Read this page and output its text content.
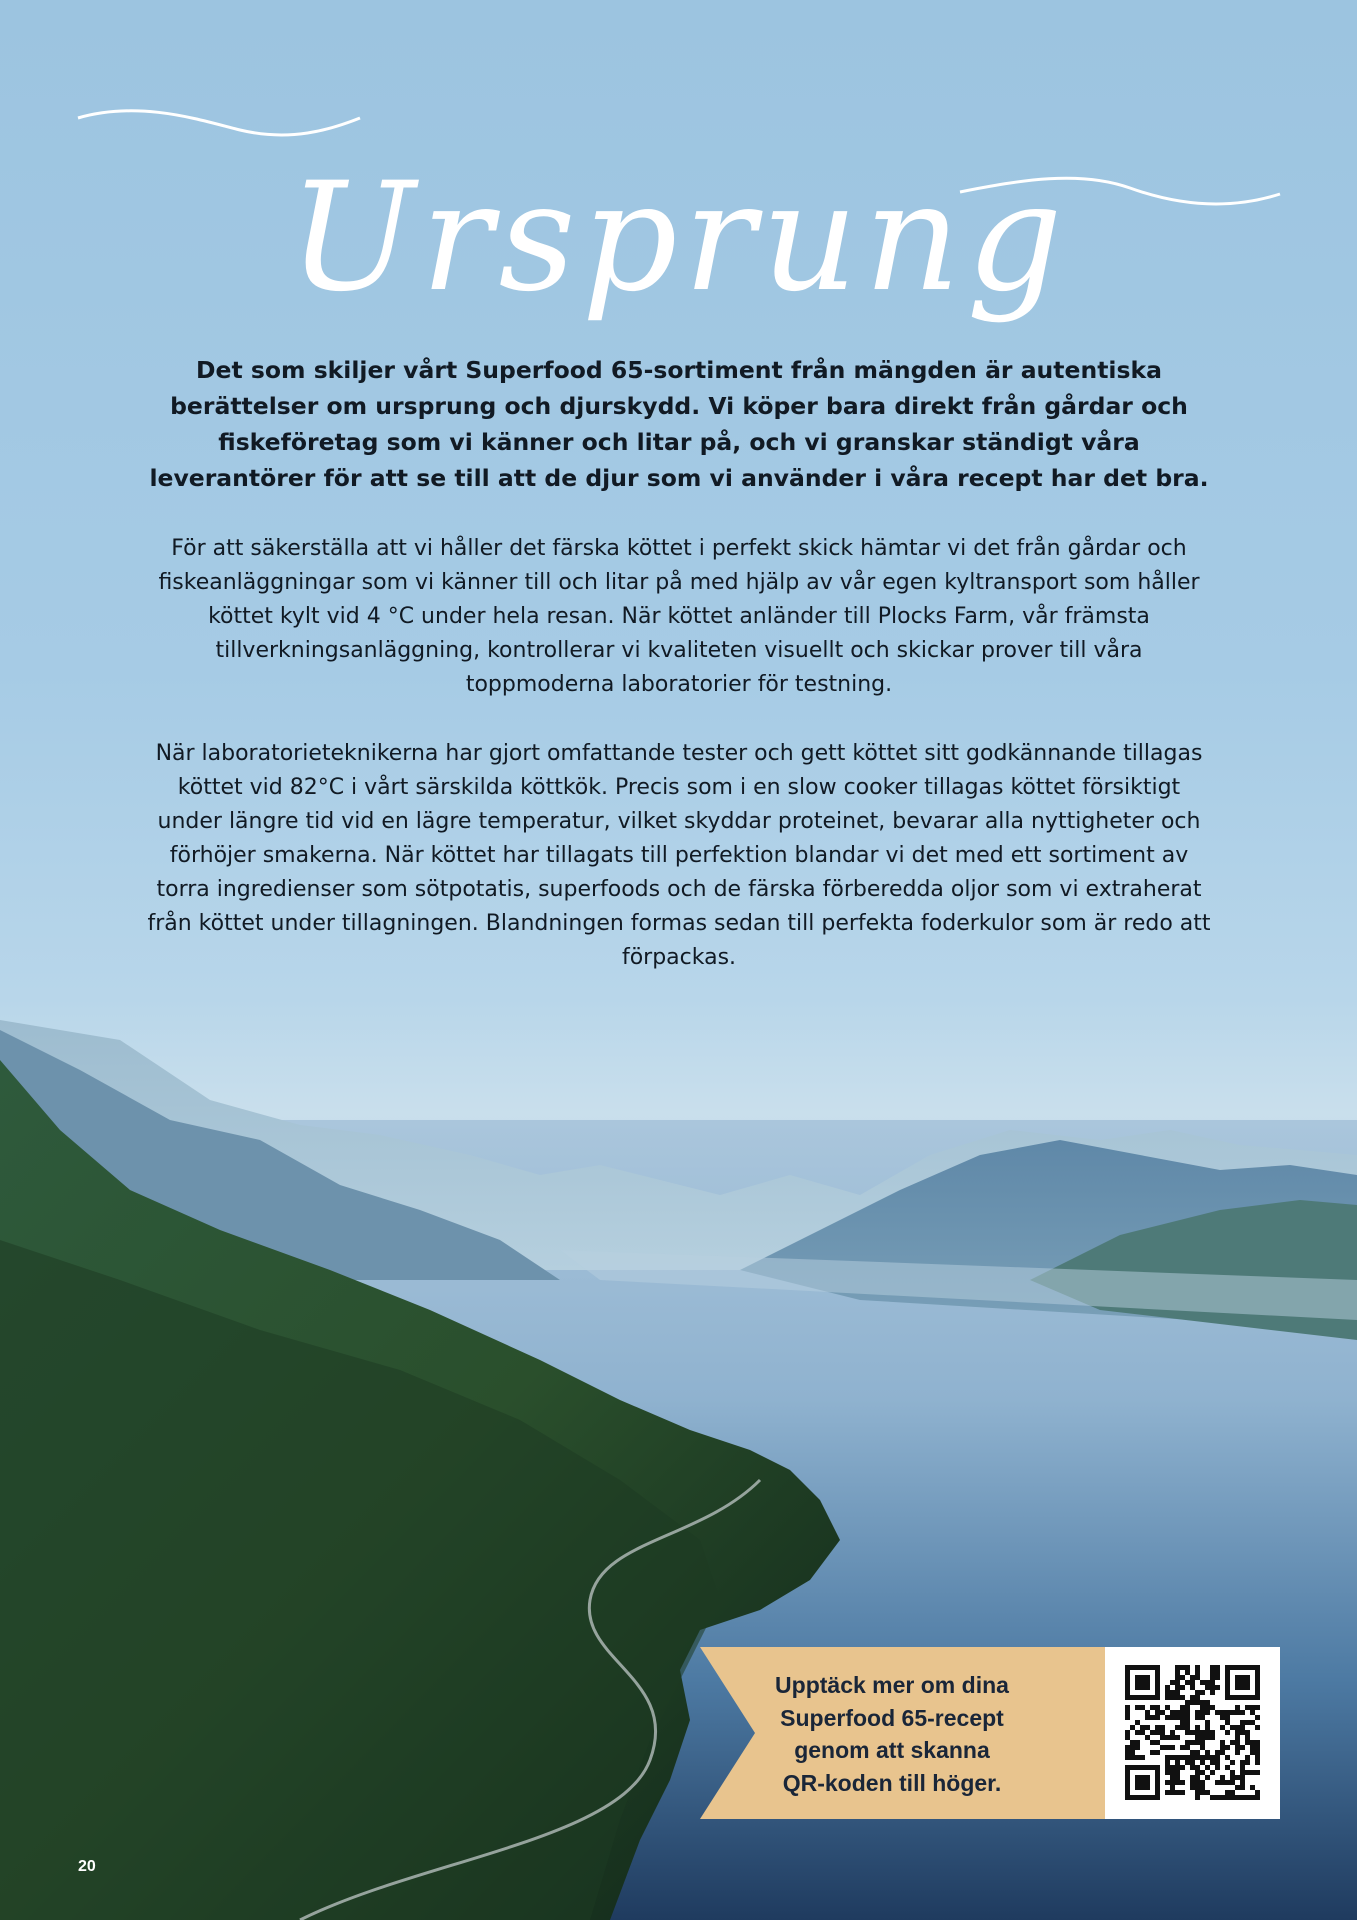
Ursprung
Det som skiljer vårt Superfood 65-sortiment från mängden är autentiska berättelser om ursprung och djurskydd. Vi köper bara direkt från gårdar och fiskeföretag som vi känner och litar på, och vi granskar ständigt våra leverantörer för att se till att de djur som vi använder i våra recept har det bra.
För att säkerställa att vi håller det färska köttet i perfekt skick hämtar vi det från gårdar och fiskeanläggningar som vi känner till och litar på med hjälp av vår egen kyltransport som håller köttet kylt vid 4 °C under hela resan. När köttet anländer till Plocks Farm, vår främsta tillverkningsanläggning, kontrollerar vi kvaliteten visuellt och skickar prover till våra toppmoderna laboratorier för testning.
När laboratorieteknikerna har gjort omfattande tester och gett köttet sitt godkännande tillagas köttet vid 82°C i vårt särskilda köttkök. Precis som i en slow cooker tillagas köttet försiktigt under längre tid vid en lägre temperatur, vilket skyddar proteinet, bevarar alla nyttigheter och förhöjer smakerna. När köttet har tillagats till perfektion blandar vi det med ett sortiment av torra ingredienser som sötpotatis, superfoods och de färska förberedda oljor som vi extraherat från köttet under tillagningen. Blandningen formas sedan till perfekta foderkulor som är redo att förpackas.
Upptäck mer om dina
Superfood 65-recept
genom att skanna
QR-koden till höger.
20
